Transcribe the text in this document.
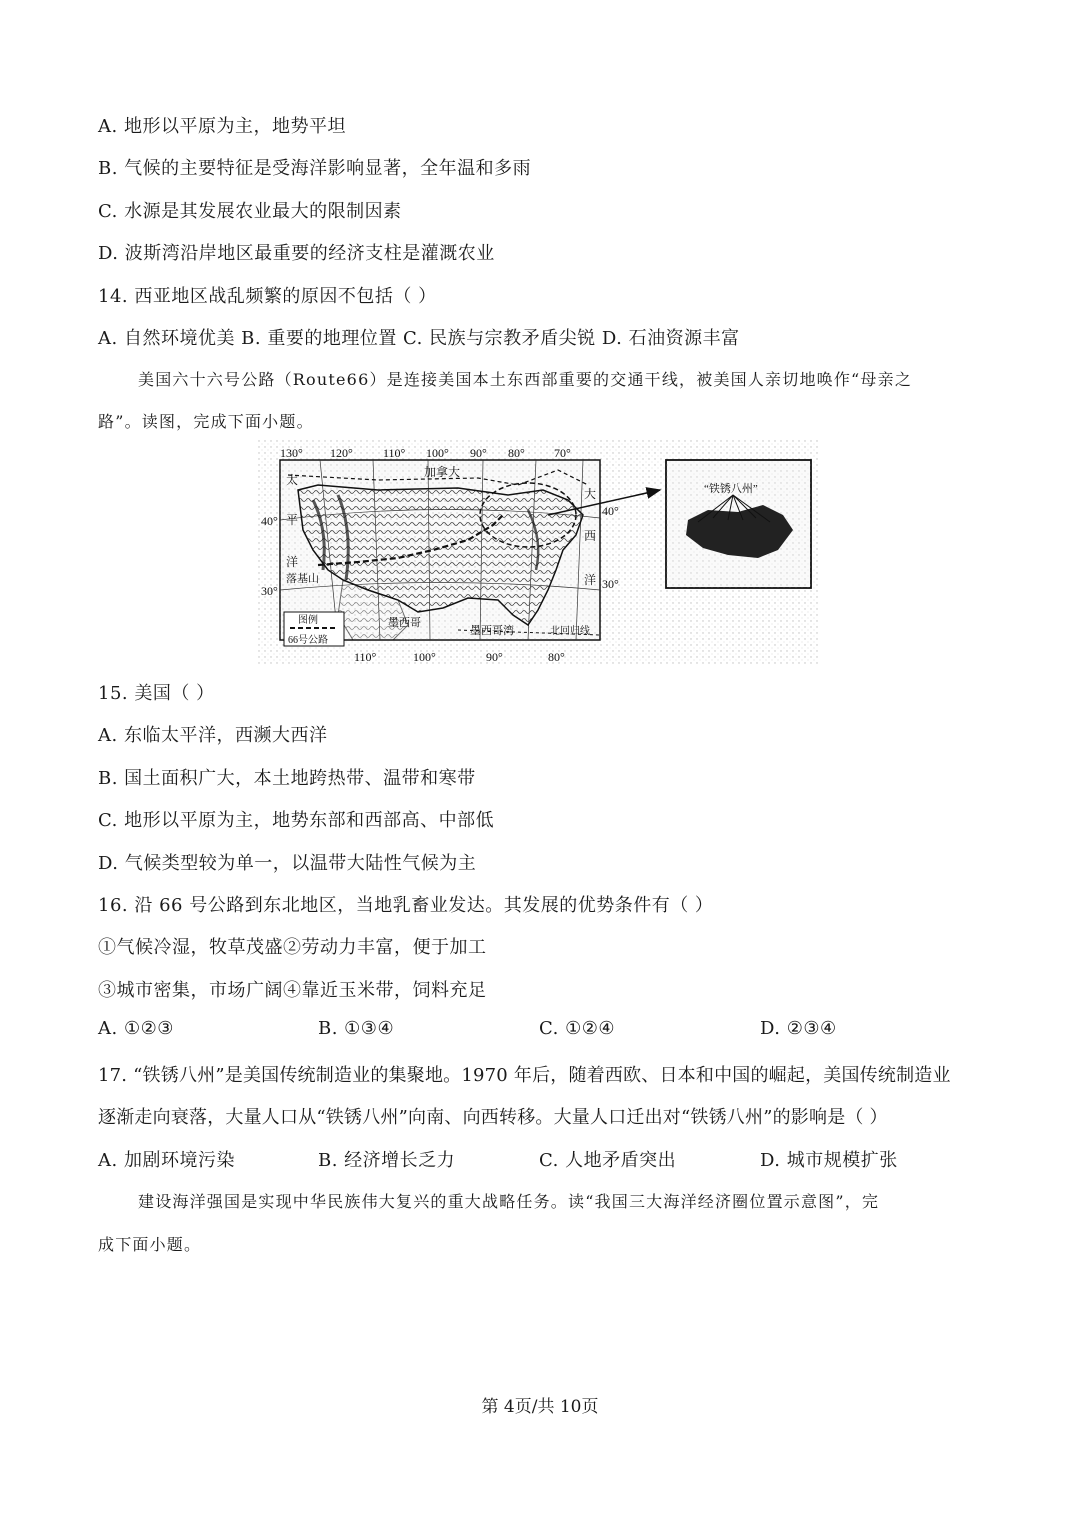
A. 地形以平原为主，地势平坦
B. 气候的主要特征是受海洋影响显著，全年温和多雨
C. 水源是其发展农业最大的限制因素
D. 波斯湾沿岸地区最重要的经济支柱是灌溉农业
14. 西亚地区战乱频繁的原因不包括（ ）
A. 自然环境优美 B. 重要的地理位置 C. 民族与宗教矛盾尖锐 D. 石油资源丰富
美国六十六号公路（Route66）是连接美国本土东西部重要的交通干线，被美国人亲切地唤作“母亲之
路”。读图，完成下面小题。
130° 120°	110° 100° 90° 80° 70°
110°	100°	90°	80°
40°
30°
40°
30°
加拿大
太
平
洋
大
西
洋
落基山
墨西哥
墨西哥湾	北回归线
图例
66号公路
“铁锈八州”
15. 美国（ ）
A. 东临太平洋，西濒大西洋
B. 国土面积广大，本土地跨热带、温带和寒带
C. 地形以平原为主，地势东部和西部高、中部低
D. 气候类型较为单一，以温带大陆性气候为主
16. 沿 66 号公路到东北地区，当地乳畜业发达。其发展的优势条件有（ ）
①气候冷湿，牧草茂盛②劳动力丰富，便于加工
③城市密集，市场广阔④靠近玉米带，饲料充足
A. ①②③	B. ①③④	C. ①②④	D. ②③④
17. “铁锈八州”是美国传统制造业的集聚地。1970 年后，随着西欧、日本和中国的崛起，美国传统制造业
逐渐走向衰落，大量人口从“铁锈八州”向南、向西转移。大量人口迁出对“铁锈八州”的影响是（ ）
A. 加剧环境污染	B. 经济增长乏力	C. 人地矛盾突出	D. 城市规模扩张
建设海洋强国是实现中华民族伟大复兴的重大战略任务。读“我国三大海洋经济圈位置示意图”，完
成下面小题。
第 4页/共 10页
